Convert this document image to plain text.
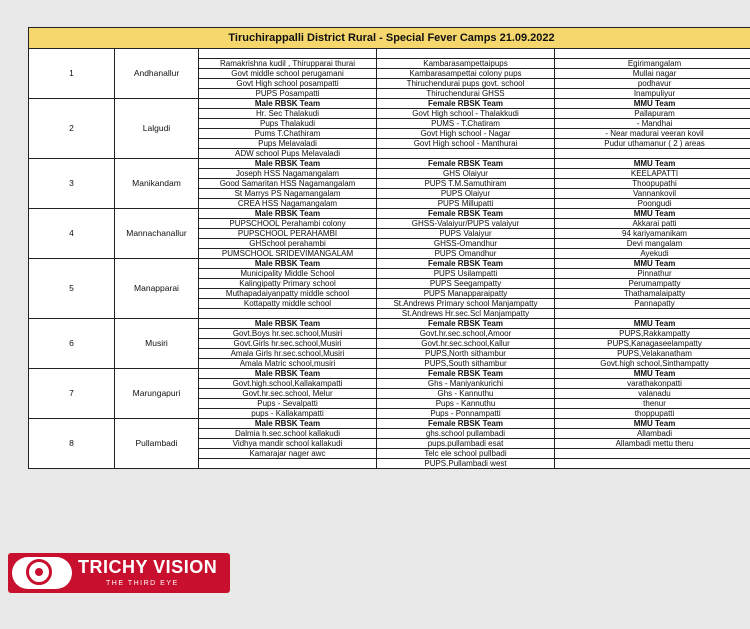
Tiruchirappalli District Rural - Special Fever Camps 21.09.2022				
1	Andhanallur			
		Ramakrishna kudil , Thirupparai thurai	Kambarasampettaipups	Egirimangalam
		Govt middle school perugamani	Kambarasampettai colony pups	Mullai nagar
		Govt High school posampatti	Thiruchendurai pups govt. school	podhavur
		PUPS Posampatti	Thiruchendurai GHSS	Inampuliyur
2	Lalgudi	Male RBSK Team	Female RBSK Team	MMU Team
		Hr. Sec Thalakudi	Govt High school - Thalakkudi	Pallapuram
		Pups Thalakudi	PUMS - T.Chatiram	- Mandhai
		Pums T.Chathiram	Govt High school - Nagar	- Near madurai veeran kovil
		Pups Melavaladi	Govt High school - Manthurai	Pudur uthamanur ( 2 ) areas
		ADW school Pups Melavaladi		
3	Manikandam	Male RBSK Team	Female RBSK Team	MMU Team
		Joseph HSS Nagamangalam	GHS Olaiyur	KEELAPATTI
		Good Samaritan HSS Nagamangalam	PUPS T.M.Samuthiram	Thoopupathi
		St Marrys PS Nagamangalam	PUPS Olaiyur	Vannankovil
		CREA HSS Nagamangalam	PUPS Millupatti	Poongudi
4	Mannachanallur	Male RBSK Team	Female RBSK Team	MMU Team
		PUPSCHOOL Perahambi colony	GHSS-Valaiyur/PUPS valaiyur	Akkarai patti
		PUPSCHOOL PERAHAMBI	PUPS Valaiyur	94 kariyamanikam
		GHSchool perahambi	GHSS-Omandhur	Devi mangalam
		PUMSCHOOL SRIDEVIMANGALAM	PUPS Omandhur	Ayekudi
5	Manapparai	Male RBSK Team	Female RBSK Team	MMU Team
		Municipality Middle School	PUPS Usilampatti	Pinnathur
		Kalingipatty Primary school	PUPS Seegampatty	Perumampatty
		Muthapadaiyanpatty middle school	PUPS Manapparaipatty	Thathamalaipatty
		Kottapatty middle school	St.Andrews Primary school Manjampatty	Pannapatty
			St.Andrews Hr.sec.Scl Manjampatty	
6	Musiri	Male RBSK Team	Female RBSK Team	MMU Team
		Govt.Boys hr.sec.school,Musiri	Govt.hr.sec.school,Amoor	PUPS,Rakkampatty
		Govt.Girls hr.sec.school,Musiri	Govt.hr.sec.school,Kallur	PUPS,Kanagaseelampatty
		Amala Girls hr.sec.school,Musiri	PUPS,North sithambur	PUPS,Velakanatham
		Amala Matric school,musiri	PUPS,South sithambur	Govt.high school,Sinthampatty
7	Marungapuri	Male RBSK Team	Female RBSK Team	MMU Team
		Govt.high.school,Kallakampatti	Ghs - Maniyankurichi	varathakonpatti
		Govt.hr.sec.school, Melur	Ghs - Kannuthu	valanadu
		Pups - Sevalpatti	Pups - Kannuthu	thenur
		pups - Kallakampatti	Pups - Ponnampatti	thoppupatti
8	Pullambadi	Male RBSK Team	Female RBSK Team	MMU Team
		Dalmia h.sec.school kallakudi	ghs.school pullambadi	Allambadi
		Vidhya mandir school kallakudi	pups.pullambadi esat	Allambadi mettu theru
		Kamarajar nager awc	Telc ele school pullbadi	
			PUPS.Pullambadi west	
TRICHY VISION
THE THIRD EYE
